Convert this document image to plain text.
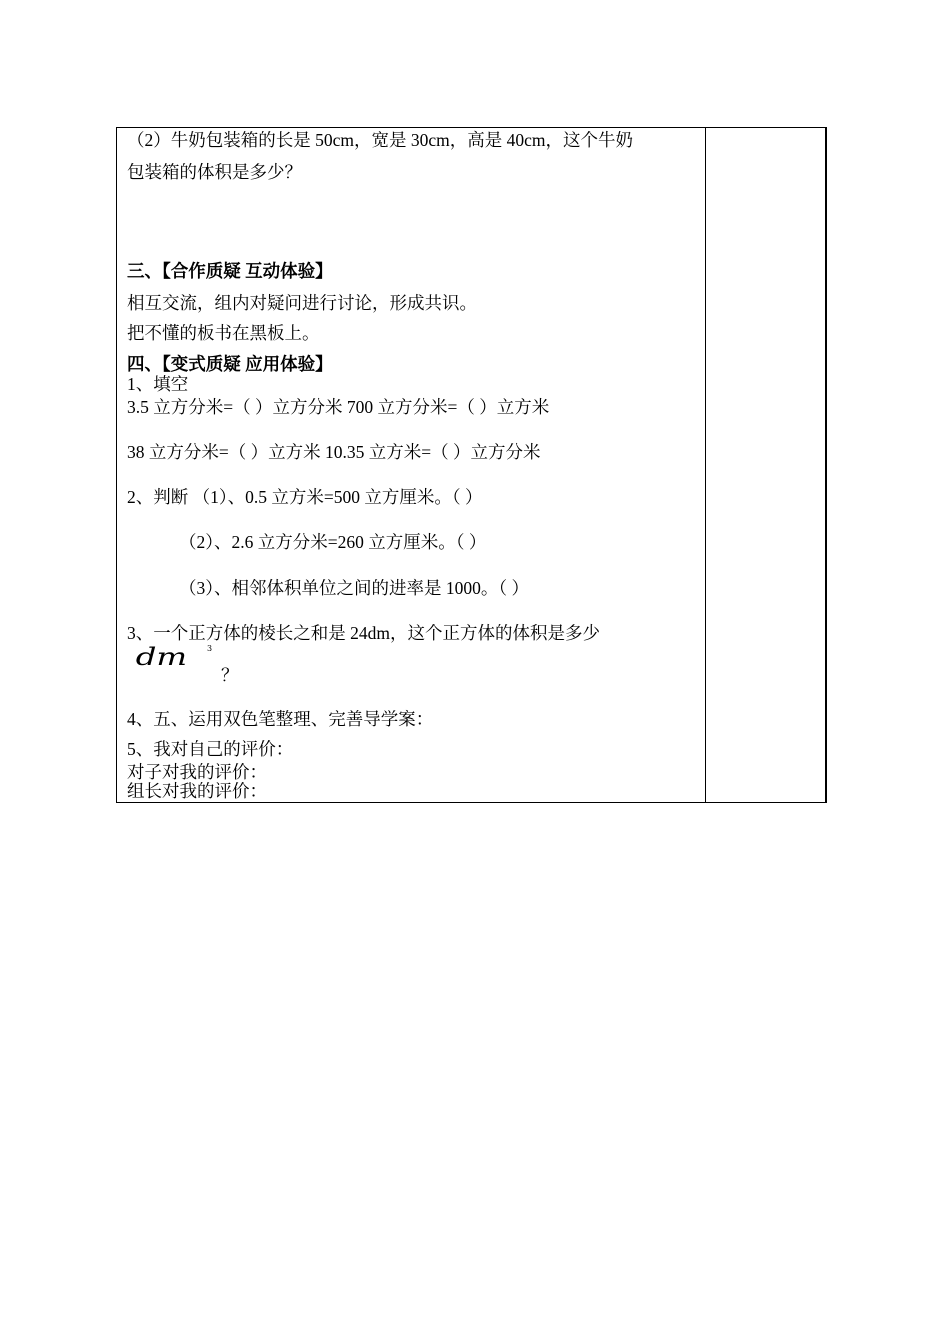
（2）牛奶包装箱的长是 50cm，宽是 30cm，高是 40cm，这个牛奶
包装箱的体积是多少？
三、【合作质疑 互动体验】
相互交流，组内对疑问进行讨论，形成共识。
把不懂的板书在黑板上。
四、【变式质疑 应用体验】
1、填空
3.5 立方分米=（ ）立方分米 700 立方分米=（ ）立方米
38 立方分米=（ ）立方米 10.35 立方米=（ ）立方分米
2、判断 （1）、0.5 立方米=500 立方厘米。（ ）
（2）、2.6 立方分米=260 立方厘米。（ ）
（3）、相邻体积单位之间的进率是 1000。（ ）
3、一个正方体的棱长之和是 24dm，这个正方体的体积是多少
dm 3
？
4、五、运用双色笔整理、完善导学案：
5、我对自己的评价：
对子对我的评价：
组长对我的评价：
